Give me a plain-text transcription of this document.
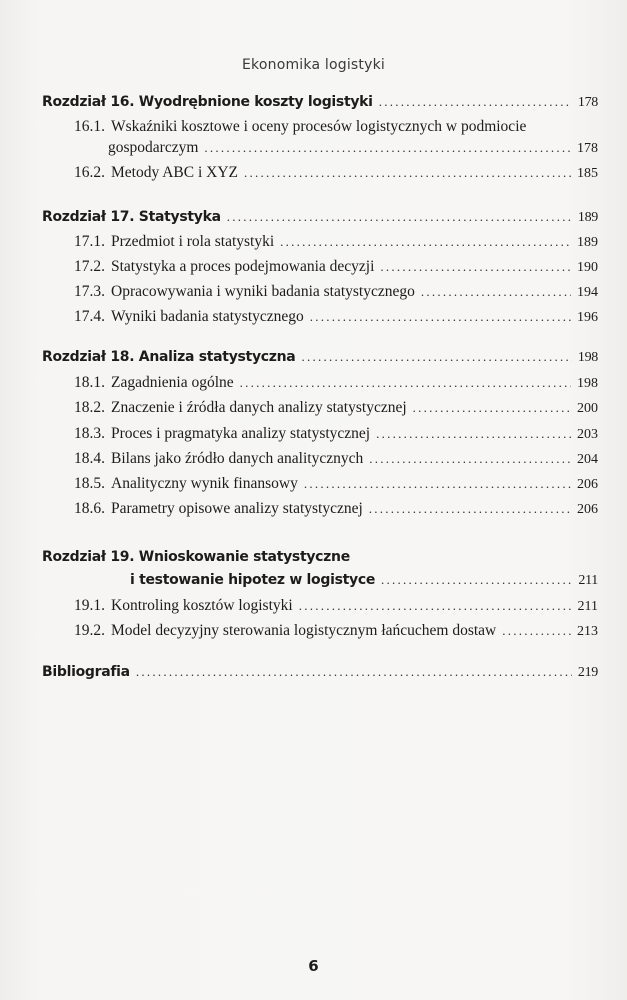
Ekonomika logistyki
Rozdział 16. Wyodrębnione koszty logistyki . . .	178
16.1. Wskaźniki kosztowe i oceny procesów logistycznych w podmiocie
gospodarczym . . .	178
16.2. Metody ABC i XYZ . . .	185
Rozdział 17. Statystyka . . .	189
17.1. Przedmiot i rola statystyki . . .	189
17.2. Statystyka a proces podejmowania decyzji . . .	190
17.3. Opracowywania i wyniki badania statystycznego . . .	194
17.4. Wyniki badania statystycznego . . .	196
Rozdział 18. Analiza statystyczna . . .	198
18.1. Zagadnienia ogólne . . .	198
18.2. Znaczenie i źródła danych analizy statystycznej . . .	200
18.3. Proces i pragmatyka analizy statystycznej . . .	203
18.4. Bilans jako źródło danych analitycznych . . .	204
18.5. Analityczny wynik finansowy . . .	206
18.6. Parametry opisowe analizy statystycznej . . .	206
Rozdział 19. Wnioskowanie statystyczne
i testowanie hipotez w logistyce . . .	211
19.1. Kontroling kosztów logistyki . . .	211
19.2. Model decyzyjny sterowania logistycznym łańcuchem dostaw . . .	213
Bibliografia . . .	219
6
